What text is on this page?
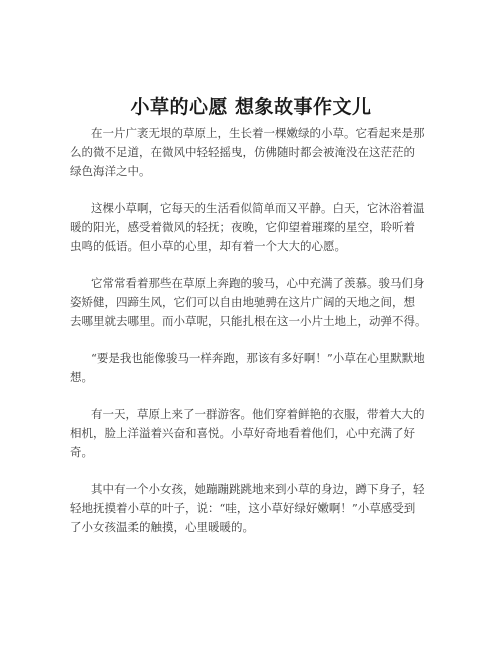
小草的心愿 想象故事作文儿
在一片广袤无垠的草原上，生长着一棵嫩绿的小草。它看起来是那
么的微不足道，在微风中轻轻摇曳，仿佛随时都会被淹没在这茫茫的
绿色海洋之中。
这棵小草啊，它每天的生活看似简单而又平静。白天，它沐浴着温
暖的阳光，感受着微风的轻抚；夜晚，它仰望着璀璨的星空，聆听着
虫鸣的低语。但小草的心里，却有着一个大大的心愿。
它常常看着那些在草原上奔跑的骏马，心中充满了羡慕。骏马们身
姿矫健，四蹄生风，它们可以自由地驰骋在这片广阔的天地之间，想
去哪里就去哪里。而小草呢，只能扎根在这一小片土地上，动弹不得。
“要是我也能像骏马一样奔跑，那该有多好啊！”小草在心里默默地
想。
有一天，草原上来了一群游客。他们穿着鲜艳的衣服，带着大大的
相机，脸上洋溢着兴奋和喜悦。小草好奇地看着他们，心中充满了好
奇。
其中有一个小女孩，她蹦蹦跳跳地来到小草的身边，蹲下身子，轻
轻地抚摸着小草的叶子，说：“哇，这小草好绿好嫩啊！”小草感受到
了小女孩温柔的触摸，心里暖暖的。
